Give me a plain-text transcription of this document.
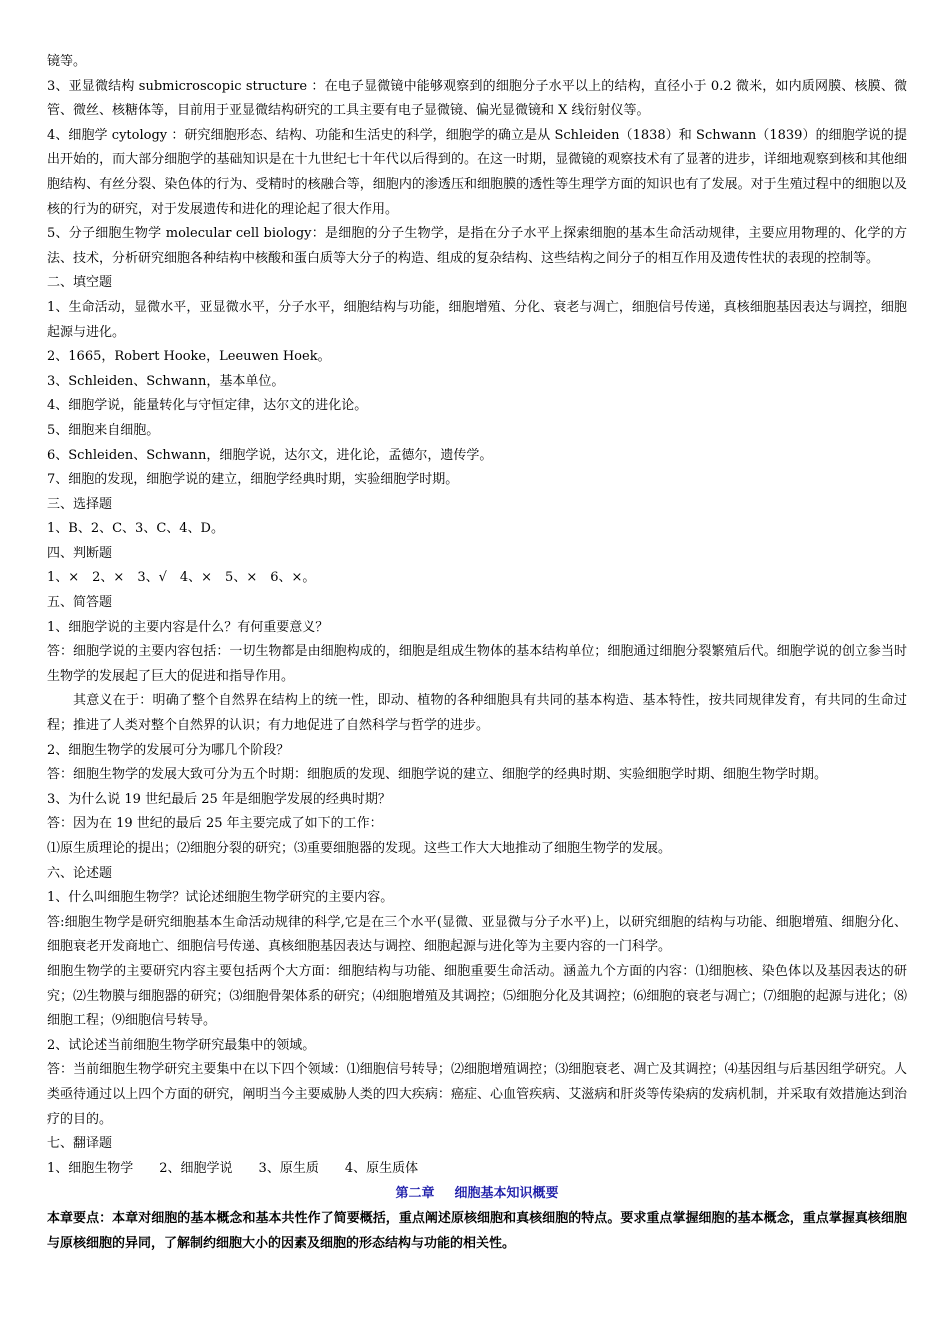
镜等。
3、亚显微结构 submicroscopic structure ：在电子显微镜中能够观察到的细胞分子水平以上的结构，直径小于 0.2 微米，如内质网膜、核膜、微管、微丝、核糖体等，目前用于亚显微结构研究的工具主要有电子显微镜、偏光显微镜和 X 线衍射仪等。
4、细胞学 cytology ：研究细胞形态、结构、功能和生活史的科学，细胞学的确立是从 Schleiden（1838）和 Schwann（1839）的细胞学说的提出开始的，而大部分细胞学的基础知识是在十九世纪七十年代以后得到的。在这一时期，显微镜的观察技术有了显著的进步，详细地观察到核和其他细胞结构、有丝分裂、染色体的行为、受精时的核融合等，细胞内的渗透压和细胞膜的透性等生理学方面的知识也有了发展。对于生殖过程中的细胞以及核的行为的研究，对于发展遗传和进化的理论起了很大作用。
5、分子细胞生物学 molecular cell biology：是细胞的分子生物学，是指在分子水平上探索细胞的基本生命活动规律，主要应用物理的、化学的方法、技术，分析研究细胞各种结构中核酸和蛋白质等大分子的构造、组成的复杂结构、这些结构之间分子的相互作用及遗传性状的表现的控制等。
二、填空题
1、生命活动，显微水平，亚显微水平，分子水平，细胞结构与功能，细胞增殖、分化、衰老与凋亡，细胞信号传递，真核细胞基因表达与调控，细胞起源与进化。
2、1665，Robert Hooke，Leeuwen Hoek。
3、Schleiden、Schwann，基本单位。
4、细胞学说，能量转化与守恒定律，达尔文的进化论。
5、细胞来自细胞。
6、Schleiden、Schwann，细胞学说，达尔文，进化论，孟德尔，遗传学。
7、细胞的发现，细胞学说的建立，细胞学经典时期，实验细胞学时期。
三、选择题
1、B、2、C、3、C、4、D。
四、判断题
1、×　2、×　3、√　4、×　5、×　6、×。
五、简答题
1、细胞学说的主要内容是什么？有何重要意义？
答：细胞学说的主要内容包括：一切生物都是由细胞构成的，细胞是组成生物体的基本结构单位；细胞通过细胞分裂繁殖后代。细胞学说的创立参当时生物学的发展起了巨大的促进和指导作用。
其意义在于：明确了整个自然界在结构上的统一性，即动、植物的各种细胞具有共同的基本构造、基本特性，按共同规律发育，有共同的生命过程；推进了人类对整个自然界的认识；有力地促进了自然科学与哲学的进步。
2、细胞生物学的发展可分为哪几个阶段？
答：细胞生物学的发展大致可分为五个时期：细胞质的发现、细胞学说的建立、细胞学的经典时期、实验细胞学时期、细胞生物学时期。
3、为什么说 19 世纪最后 25 年是细胞学发展的经典时期？
答：因为在 19 世纪的最后 25 年主要完成了如下的工作：
⑴原生质理论的提出；⑵细胞分裂的研究；⑶重要细胞器的发现。这些工作大大地推动了细胞生物学的发展。
六、论述题
1、什么叫细胞生物学？试论述细胞生物学研究的主要内容。
答:细胞生物学是研究细胞基本生命活动规律的科学,它是在三个水平(显微、亚显微与分子水平)上，以研究细胞的结构与功能、细胞增殖、细胞分化、细胞衰老开发商地亡、细胞信号传递、真核细胞基因表达与调控、细胞起源与进化等为主要内容的一门科学。
细胞生物学的主要研究内容主要包括两个大方面：细胞结构与功能、细胞重要生命活动。涵盖九个方面的内容：⑴细胞核、染色体以及基因表达的研究；⑵生物膜与细胞器的研究；⑶细胞骨架体系的研究；⑷细胞增殖及其调控；⑸细胞分化及其调控；⑹细胞的衰老与凋亡；⑺细胞的起源与进化；⑻细胞工程；⑼细胞信号转导。
2、试论述当前细胞生物学研究最集中的领域。
答：当前细胞生物学研究主要集中在以下四个领域：⑴细胞信号转导；⑵细胞增殖调控；⑶细胞衰老、凋亡及其调控；⑷基因组与后基因组学研究。人类亟待通过以上四个方面的研究，阐明当今主要威胁人类的四大疾病：癌症、心血管疾病、艾滋病和肝炎等传染病的发病机制，并采取有效措施达到治疗的目的。
七、翻译题
1、细胞生物学　　2、细胞学说　　3、原生质　　4、原生质体
第二章 细胞基本知识概要
本章要点：本章对细胞的基本概念和基本共性作了简要概括，重点阐述原核细胞和真核细胞的特点。要求重点掌握细胞的基本概念，重点掌握真核细胞与原核细胞的异同，了解制约细胞大小的因素及细胞的形态结构与功能的相关性。
